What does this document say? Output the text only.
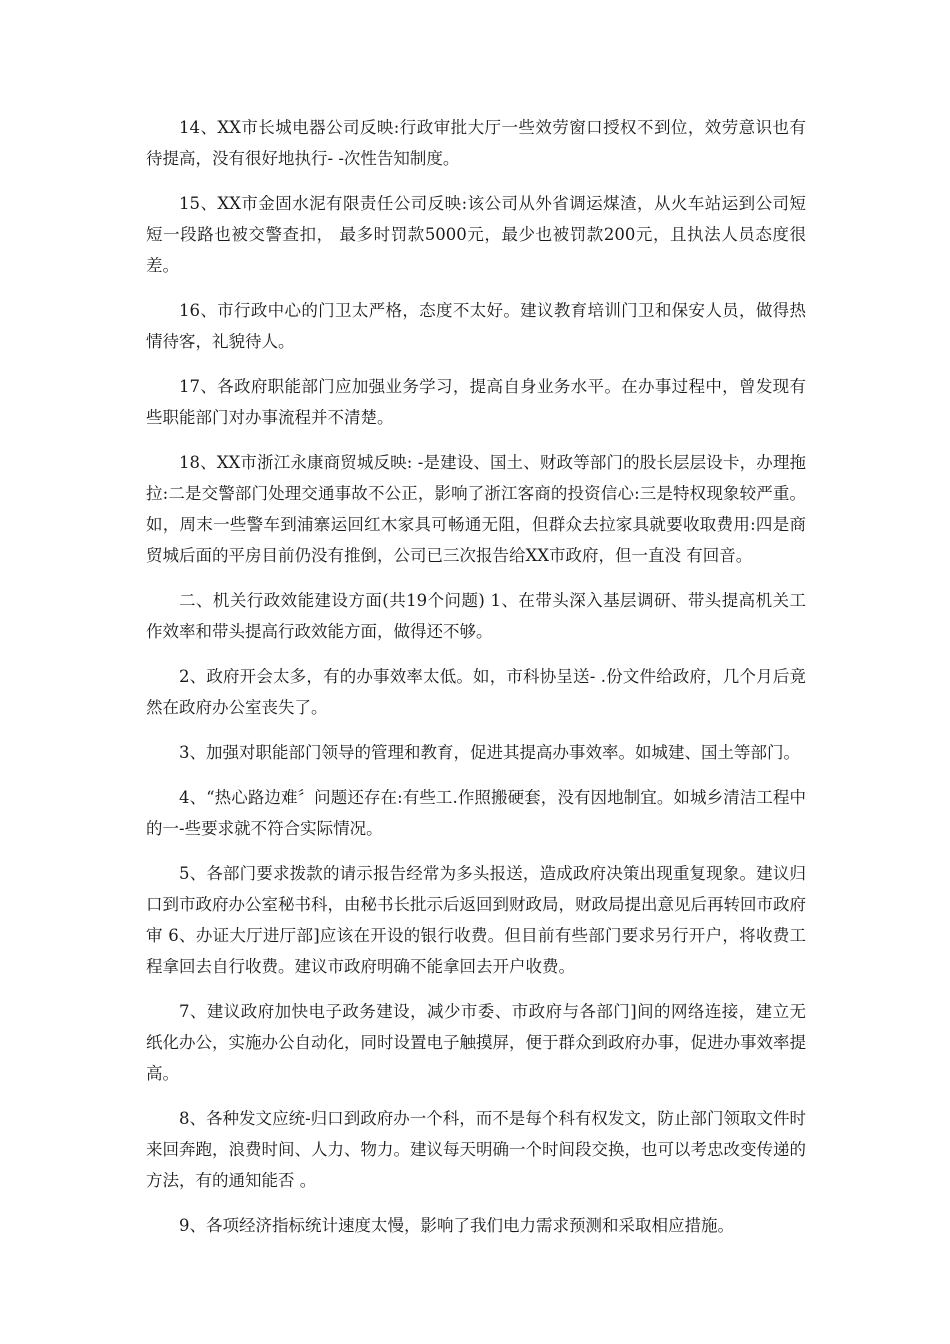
14、XX市长城电器公司反映:行政审批大厅一些效劳窗口授权不到位，效劳意识也有待提高，没有很好地执行- -次性告知制度。

15、XX市金固水泥有限责任公司反映:该公司从外省调运煤渣，从火车站运到公司短短一段路也被交警查扣， 最多时罚款5000元，最少也被罚款200元，且执法人员态度很差。

16、市行政中心的门卫太严格，态度不太好。建议教育培训门卫和保安人员，做得热情待客，礼貌待人。

17、各政府职能部门应加强业务学习，提高自身业务水平。在办事过程中，曾发现有些职能部门对办事流程并不清楚。

18、XX市浙江永康商贸城反映: -是建设、国土、财政等部门的股长层层设卡，办理拖拉:二是交警部门处理交通事故不公正，影响了浙江客商的投资信心:三是特权现象较严重。如，周末一些警车到浦寨运回红木家具可畅通无阻，但群众去拉家具就要收取费用:四是商贸城后面的平房目前仍没有推倒，公司已三次报告给XX市政府，但一直没 有回音。

二、机关行政效能建设方面(共19个问题) 1、在带头深入基层调研、带头提高机关工作效率和带头提高行政效能方面，做得还不够。

2、政府开会太多，有的办事效率太低。如，市科协呈送- .份文件给政府，几个月后竟然在政府办公室丧失了。

3、加强对职能部门领导的管理和教育，促进其提高办事效率。如城建、国土等部门。

4、“热心路边难〞问题还存在:有些工.作照搬硬套，没有因地制宜。如城乡清洁工程中的一-些要求就不符合实际情况。

5、各部门要求拨款的请示报告经常为多头报送，造成政府决策出现重复现象。建议归口到市政府办公室秘书科，由秘书长批示后返回到财政局，财政局提出意见后再转回市政府审 6、办证大厅进厅部]应该在开设的银行收费。但目前有些部门要求另行开户，将收费工程拿回去自行收费。建议市政府明确不能拿回去开户收费。

7、建议政府加快电子政务建设，减少市委、市政府与各部门]间的网络连接，建立无纸化办公，实施办公自动化，同时设置电子触摸屏，便于群众到政府办事，促进办事效率提高。

8、各种发文应统-归口到政府办一个科，而不是每个科有权发文，防止部门领取文件时来回奔跑，浪费时间、人力、物力。建议每天明确一个时间段交换，也可以考忠改变传递的方法，有的通知能否 。

9、各项经济指标统计速度太慢，影响了我们电力需求预测和采取相应措施。
